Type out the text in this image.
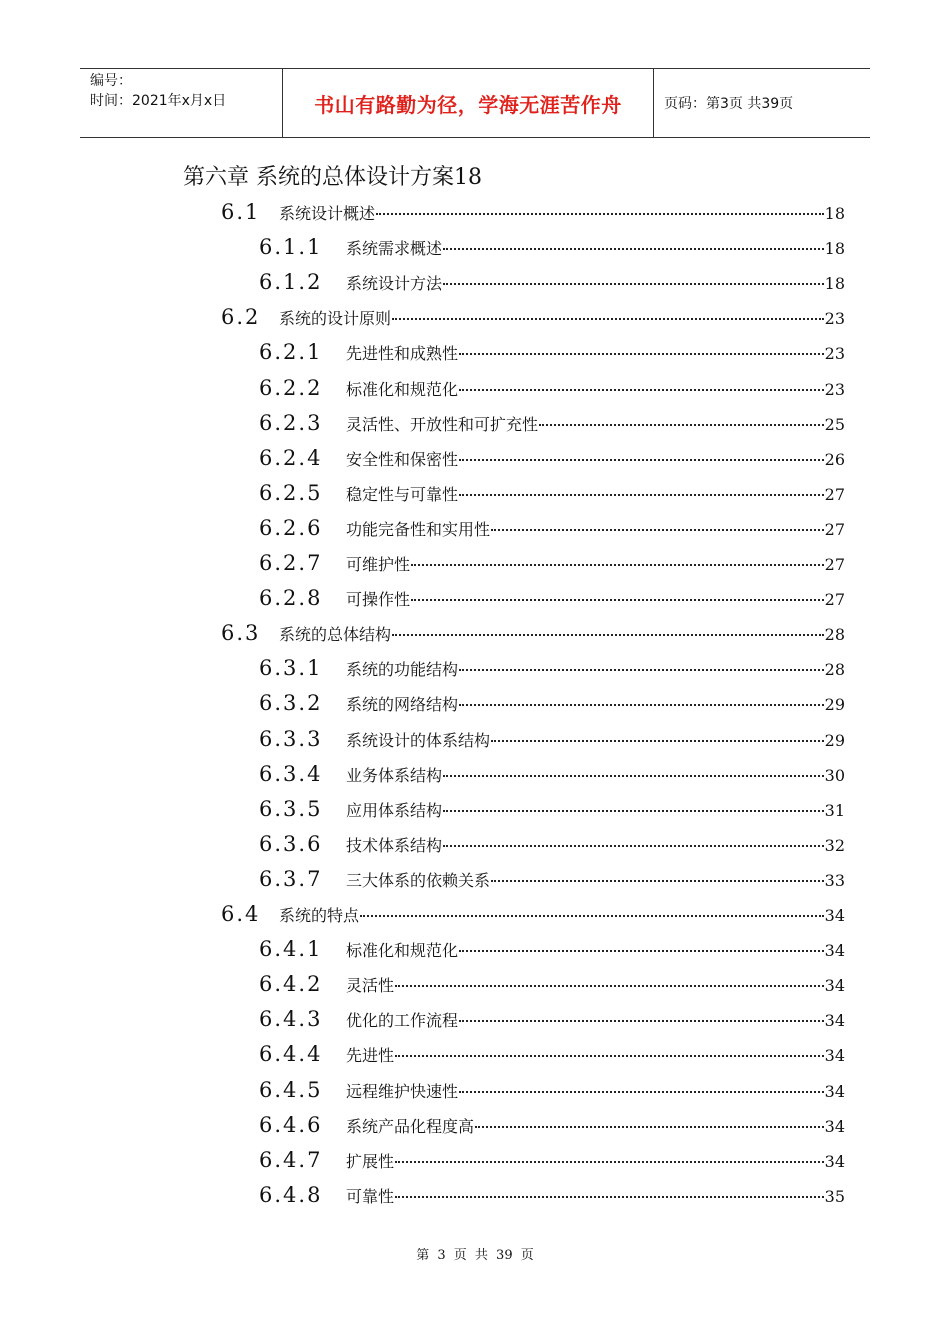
编号：
时间：2021年x月x日	书山有路勤为径，学海无涯苦作舟	页码：第3页 共39页
第六章 系统的总体设计方案18
6.1	系统设计概述	18
6.1.1	系统需求概述	18
6.1.2	系统设计方法	18
6.2	系统的设计原则	23
6.2.1	先进性和成熟性	23
6.2.2	标准化和规范化	23
6.2.3	灵活性、开放性和可扩充性	25
6.2.4	安全性和保密性	26
6.2.5	稳定性与可靠性	27
6.2.6	功能完备性和实用性	27
6.2.7	可维护性	27
6.2.8	可操作性	27
6.3	系统的总体结构	28
6.3.1	系统的功能结构	28
6.3.2	系统的网络结构	29
6.3.3	系统设计的体系结构	29
6.3.4	业务体系结构	30
6.3.5	应用体系结构	31
6.3.6	技术体系结构	32
6.3.7	三大体系的依赖关系	33
6.4	系统的特点	34
6.4.1	标准化和规范化	34
6.4.2	灵活性	34
6.4.3	优化的工作流程	34
6.4.4	先进性	34
6.4.5	远程维护快速性	34
6.4.6	系统产品化程度高	34
6.4.7	扩展性	34
6.4.8	可靠性	35
第 3 页 共 39 页
